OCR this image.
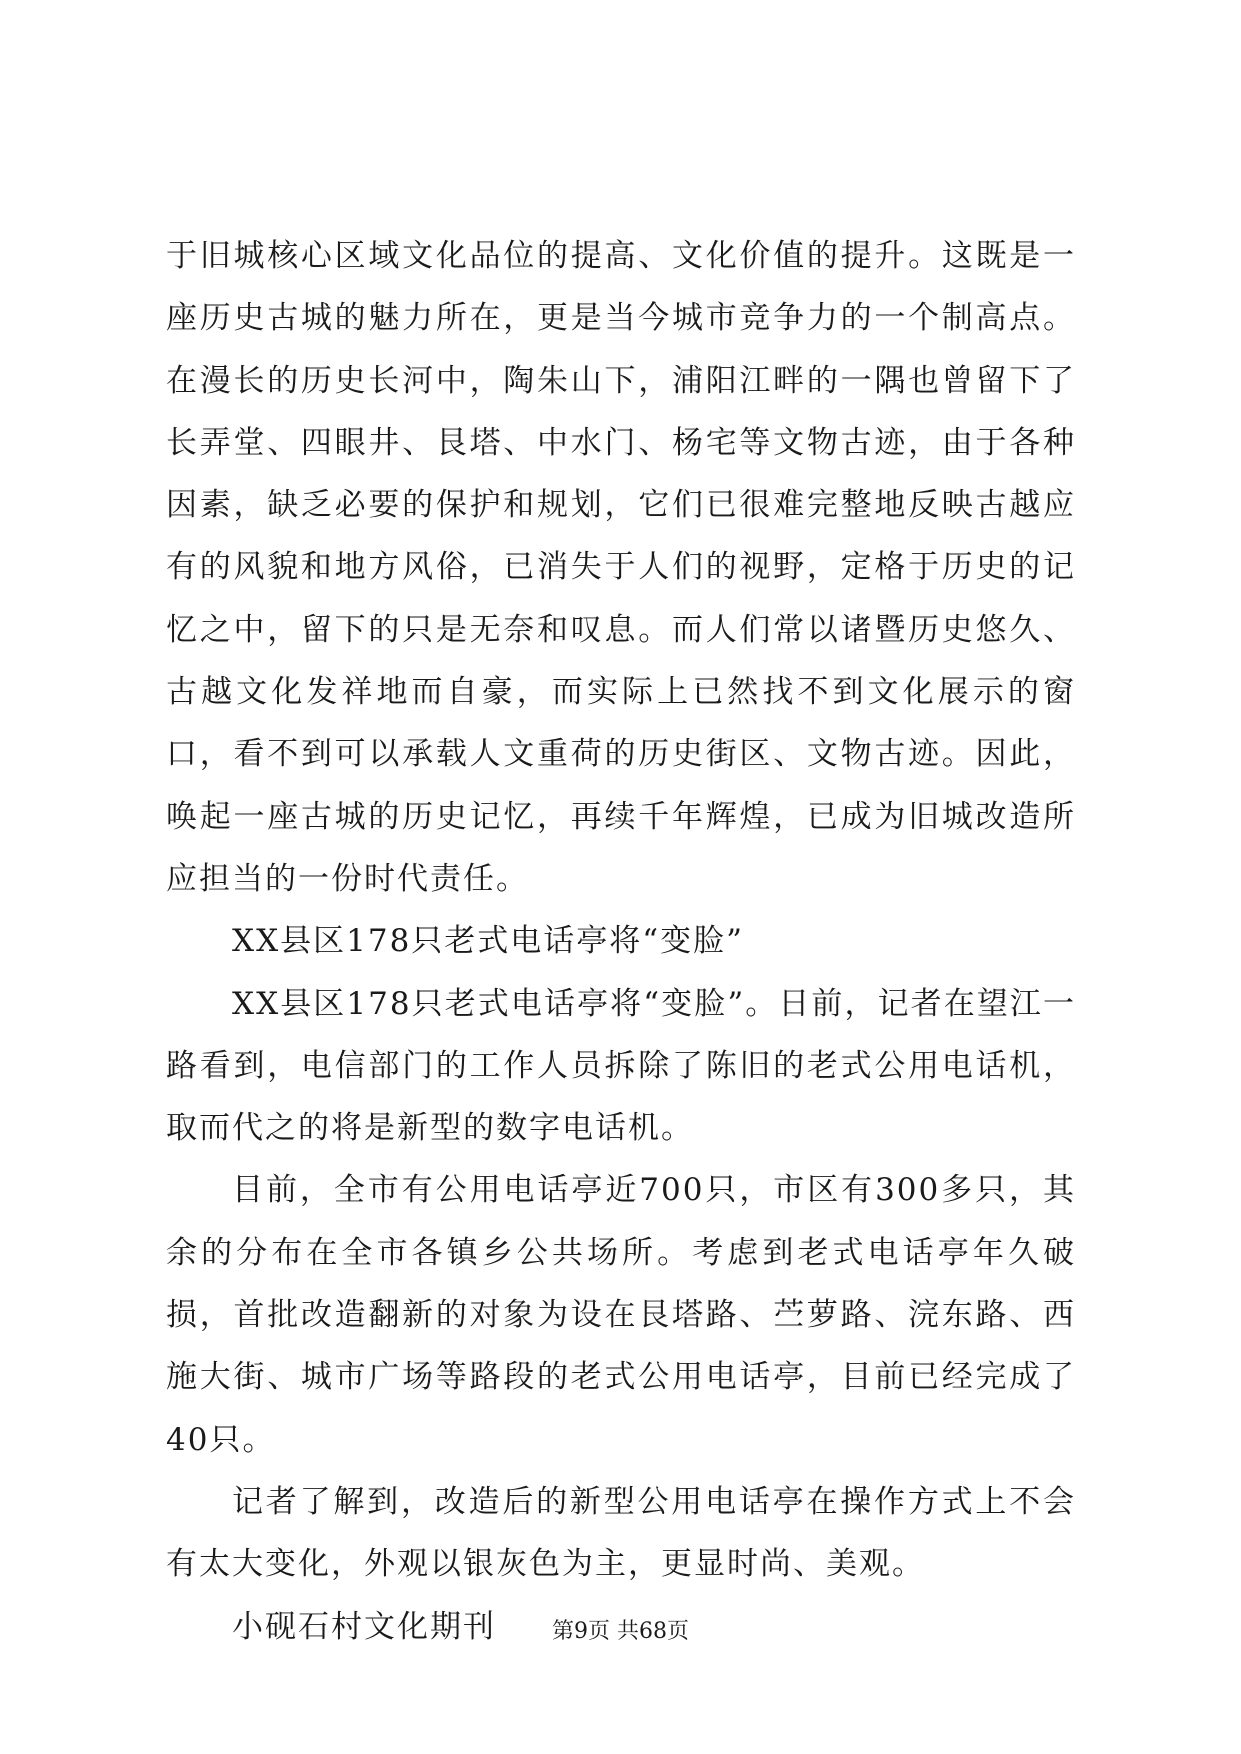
于旧城核心区域文化品位的提高、文化价值的提升。这既是一座历史古城的魅力所在，更是当今城市竞争力的一个制高点。在漫长的历史长河中，陶朱山下，浦阳江畔的一隅也曾留下了长弄堂、四眼井、艮塔、中水门、杨宅等文物古迹，由于各种因素，缺乏必要的保护和规划，它们已很难完整地反映古越应有的风貌和地方风俗，已消失于人们的视野，定格于历史的记忆之中，留下的只是无奈和叹息。而人们常以诸暨历史悠久、古越文化发祥地而自豪，而实际上已然找不到文化展示的窗口，看不到可以承载人文重荷的历史街区、文物古迹。因此，唤起一座古城的历史记忆，再续千年辉煌，已成为旧城改造所应担当的一份时代责任。

XX县区178只老式电话亭将“变脸”

XX县区178只老式电话亭将“变脸”。日前，记者在望江一路看到，电信部门的工作人员拆除了陈旧的老式公用电话机，取而代之的将是新型的数字电话机。

目前，全市有公用电话亭近700只，市区有300多只，其余的分布在全市各镇乡公共场所。考虑到老式电话亭年久破损，首批改造翻新的对象为设在艮塔路、苎萝路、浣东路、西施大街、城市广场等路段的老式公用电话亭，目前已经完成了40只。

记者了解到，改造后的新型公用电话亭在操作方式上不会有太大变化，外观以银灰色为主，更显时尚、美观。

小砚石村文化期刊	第9页 共68页
